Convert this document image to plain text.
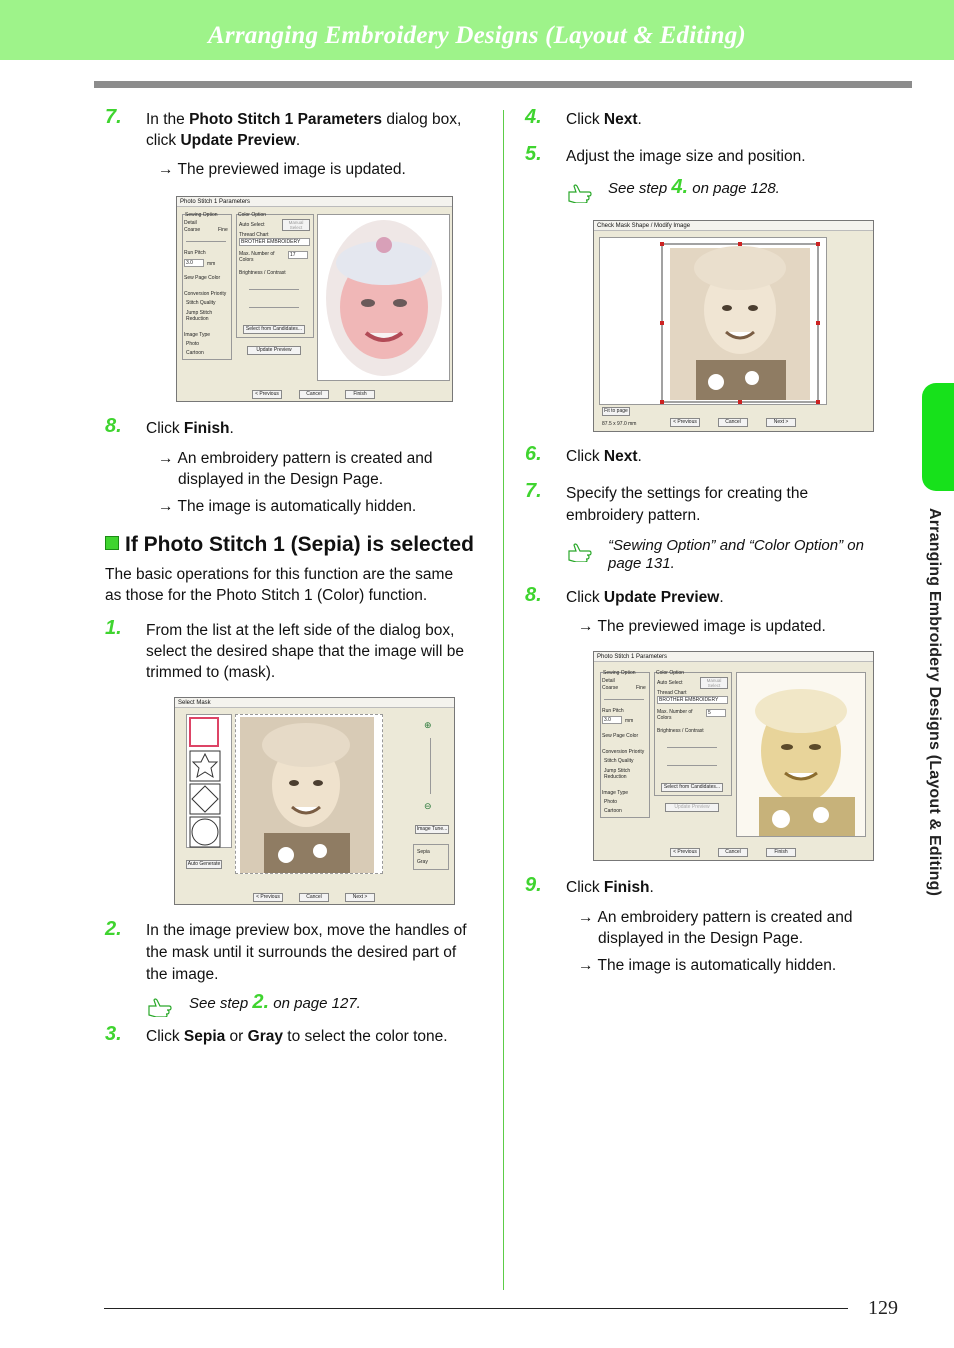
Arranging Embroidery Designs (Layout & Editing)
Arranging Embroidery Designs (Layout & Editing)
7. In the Photo Stitch 1 Parameters dialog box,
click Update Preview.
→ The previewed image is updated.
Photo Stitch 1 Parameters
Sewing Option
Detail
Coarse	Fine
Run Pitch
3.0	mm
Sew Page Color
Conversion Priority
Stitch Quality
Jump Stitch Reduction
Image Type
Photo
Cartoon
Color Option
Auto Select	Manual Select
Thread Chart
BROTHER EMBROIDERY
Max. Number of Colors
17
Brightness / Contrast
Select from Candidates...
Update Preview
< Previous	Cancel	Finish
8. Click Finish.
→ An embroidery pattern is created and
displayed in the Design Page.
→ The image is automatically hidden.
If Photo Stitch 1 (Sepia) is selected
The basic operations for this function are the same
as those for the Photo Stitch 1 (Color) function.
1. From the list at the left side of the dialog box,
select the desired shape that the image will be
trimmed to (mask).
Select Mask
Auto Generate
⊕
⊖
Image Tune...
Sepia
Gray
< Previous	Cancel	Next >
2. In the image preview box, move the handles of
the mask until it surrounds the desired part of
the image.
See step 2. on page 127.
3. Click Sepia or Gray to select the color tone.
4. Click Next.
5. Adjust the image size and position.
See step 4. on page 128.
Check Mask Shape / Modify Image
Fit to page
87.5 x 97.0 mm	< Previous	Cancel	Next >
6. Click Next.
7. Specify the settings for creating the
embroidery pattern.
“Sewing Option” and “Color Option” on
page 131.
8. Click Update Preview.
→ The previewed image is updated.
Photo Stitch 1 Parameters
Sewing Option
Detail
Coarse	Fine
Run Pitch
3.0	mm
Sew Page Color
Conversion Priority
Stitch Quality
Jump Stitch Reduction
Image Type
Photo
Cartoon
Color Option
Auto Select	Manual Select
Thread Chart
BROTHER EMBROIDERY
Max. Number of Colors
5
Brightness / Contrast
Select from Candidates...
Update Preview
< Previous	Cancel	Finish
9. Click Finish.
→ An embroidery pattern is created and
displayed in the Design Page.
→ The image is automatically hidden.
129
